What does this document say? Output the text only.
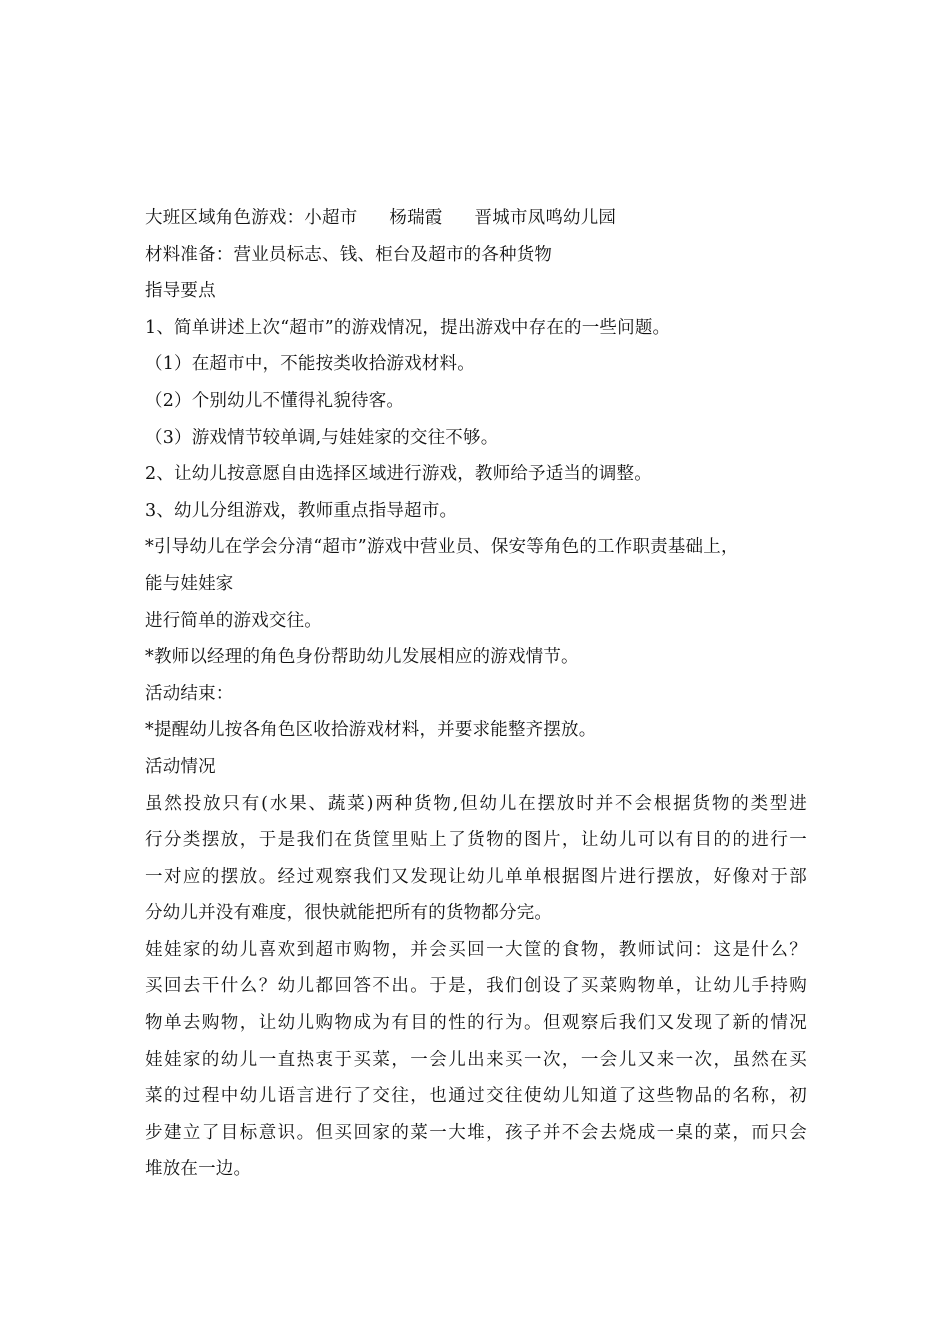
大班区域角色游戏：小超市 杨瑞霞 晋城市凤鸣幼儿园
材料准备：营业员标志、钱、柜台及超市的各种货物
指导要点
1、简单讲述上次“超市”的游戏情况，提出游戏中存在的一些问题。
（1）在超市中，不能按类收拾游戏材料。
（2）个别幼儿不懂得礼貌待客。
（3）游戏情节较单调,与娃娃家的交往不够。
2、让幼儿按意愿自由选择区域进行游戏，教师给予适当的调整。
3、幼儿分组游戏，教师重点指导超市。
*引导幼儿在学会分清“超市”游戏中营业员、保安等角色的工作职责基础上，
能与娃娃家
进行简单的游戏交往。
*教师以经理的角色身份帮助幼儿发展相应的游戏情节。
活动结束：
*提醒幼儿按各角色区收拾游戏材料，并要求能整齐摆放。
活动情况
虽然投放只有(水果、蔬菜)两种货物,但幼儿在摆放时并不会根据货物的类型进
行分类摆放，于是我们在货筐里贴上了货物的图片，让幼儿可以有目的的进行一
一对应的摆放。经过观察我们又发现让幼儿单单根据图片进行摆放，好像对于部
分幼儿并没有难度，很快就能把所有的货物都分完。
娃娃家的幼儿喜欢到超市购物，并会买回一大筐的食物，教师试问：这是什么？
买回去干什么？幼儿都回答不出。于是，我们创设了买菜购物单，让幼儿手持购
物单去购物，让幼儿购物成为有目的性的行为。但观察后我们又发现了新的情况
娃娃家的幼儿一直热衷于买菜，一会儿出来买一次，一会儿又来一次，虽然在买
菜的过程中幼儿语言进行了交往，也通过交往使幼儿知道了这些物品的名称，初
步建立了目标意识。但买回家的菜一大堆，孩子并不会去烧成一桌的菜，而只会
堆放在一边。
